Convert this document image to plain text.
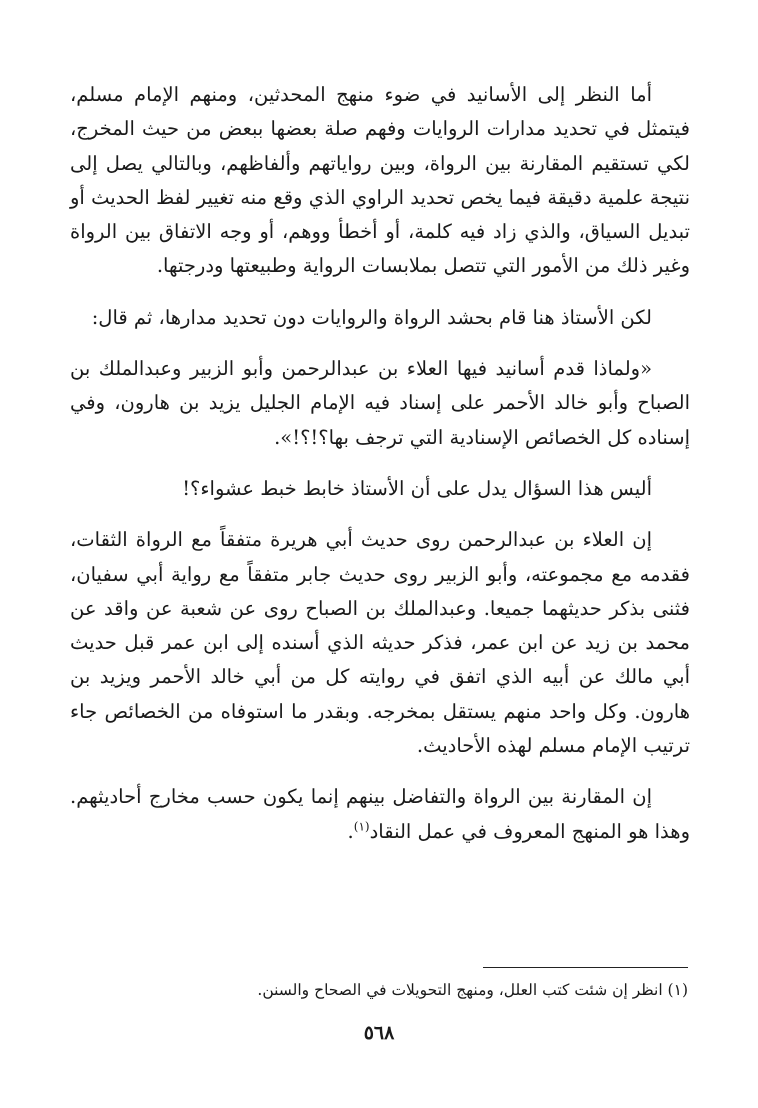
أما النظر إلى الأسانيد في ضوء منهج المحدثين، ومنهم الإمام مسلم، فيتمثل في تحديد مدارات الروايات وفهم صلة بعضها ببعض من حيث المخرج، لكي تستقيم المقارنة بين الرواة، وبين رواياتهم وألفاظهم، وبالتالي يصل إلى نتيجة علمية دقيقة فيما يخص تحديد الراوي الذي وقع منه تغيير لفظ الحديث أو تبديل السياق، والذي زاد فيه كلمة، أو أخطأ ووهم، أو وجه الاتفاق بين الرواة وغير ذلك من الأمور التي تتصل بملابسات الرواية وطبيعتها ودرجتها.

لكن الأستاذ هنا قام بحشد الرواة والروايات دون تحديد مدارها، ثم قال:

«ولماذا قدم أسانيد فيها العلاء بن عبدالرحمن وأبو الزبير وعبدالملك بن الصباح وأبو خالد الأحمر على إسناد فيه الإمام الجليل يزيد بن هارون، وفي إسناده كل الخصائص الإسنادية التي ترجف بها؟!؟!».

أليس هذا السؤال يدل على أن الأستاذ خابط خبط عشواء؟!

إن العلاء بن عبدالرحمن روى حديث أبي هريرة متفقاً مع الرواة الثقات، فقدمه مع مجموعته، وأبو الزبير روى حديث جابر متفقاً مع رواية أبي سفيان، فثنى بذكر حديثهما جميعا. وعبدالملك بن الصباح روى عن شعبة عن واقد عن محمد بن زيد عن ابن عمر، فذكر حديثه الذي أسنده إلى ابن عمر قبل حديث أبي مالك عن أبيه الذي اتفق في روايته كل من أبي خالد الأحمر ويزيد بن هارون. وكل واحد منهم يستقل بمخرجه. وبقدر ما استوفاه من الخصائص جاء ترتيب الإمام مسلم لهذه الأحاديث.

إن المقارنة بين الرواة والتفاضل بينهم إنما يكون حسب مخارج أحاديثهم. وهذا هو المنهج المعروف في عمل النقاد$^{(١)}$.

(١) انظر إن شئت كتب العلل، ومنهج التحويلات في الصحاح والسنن.

٥٦٨
